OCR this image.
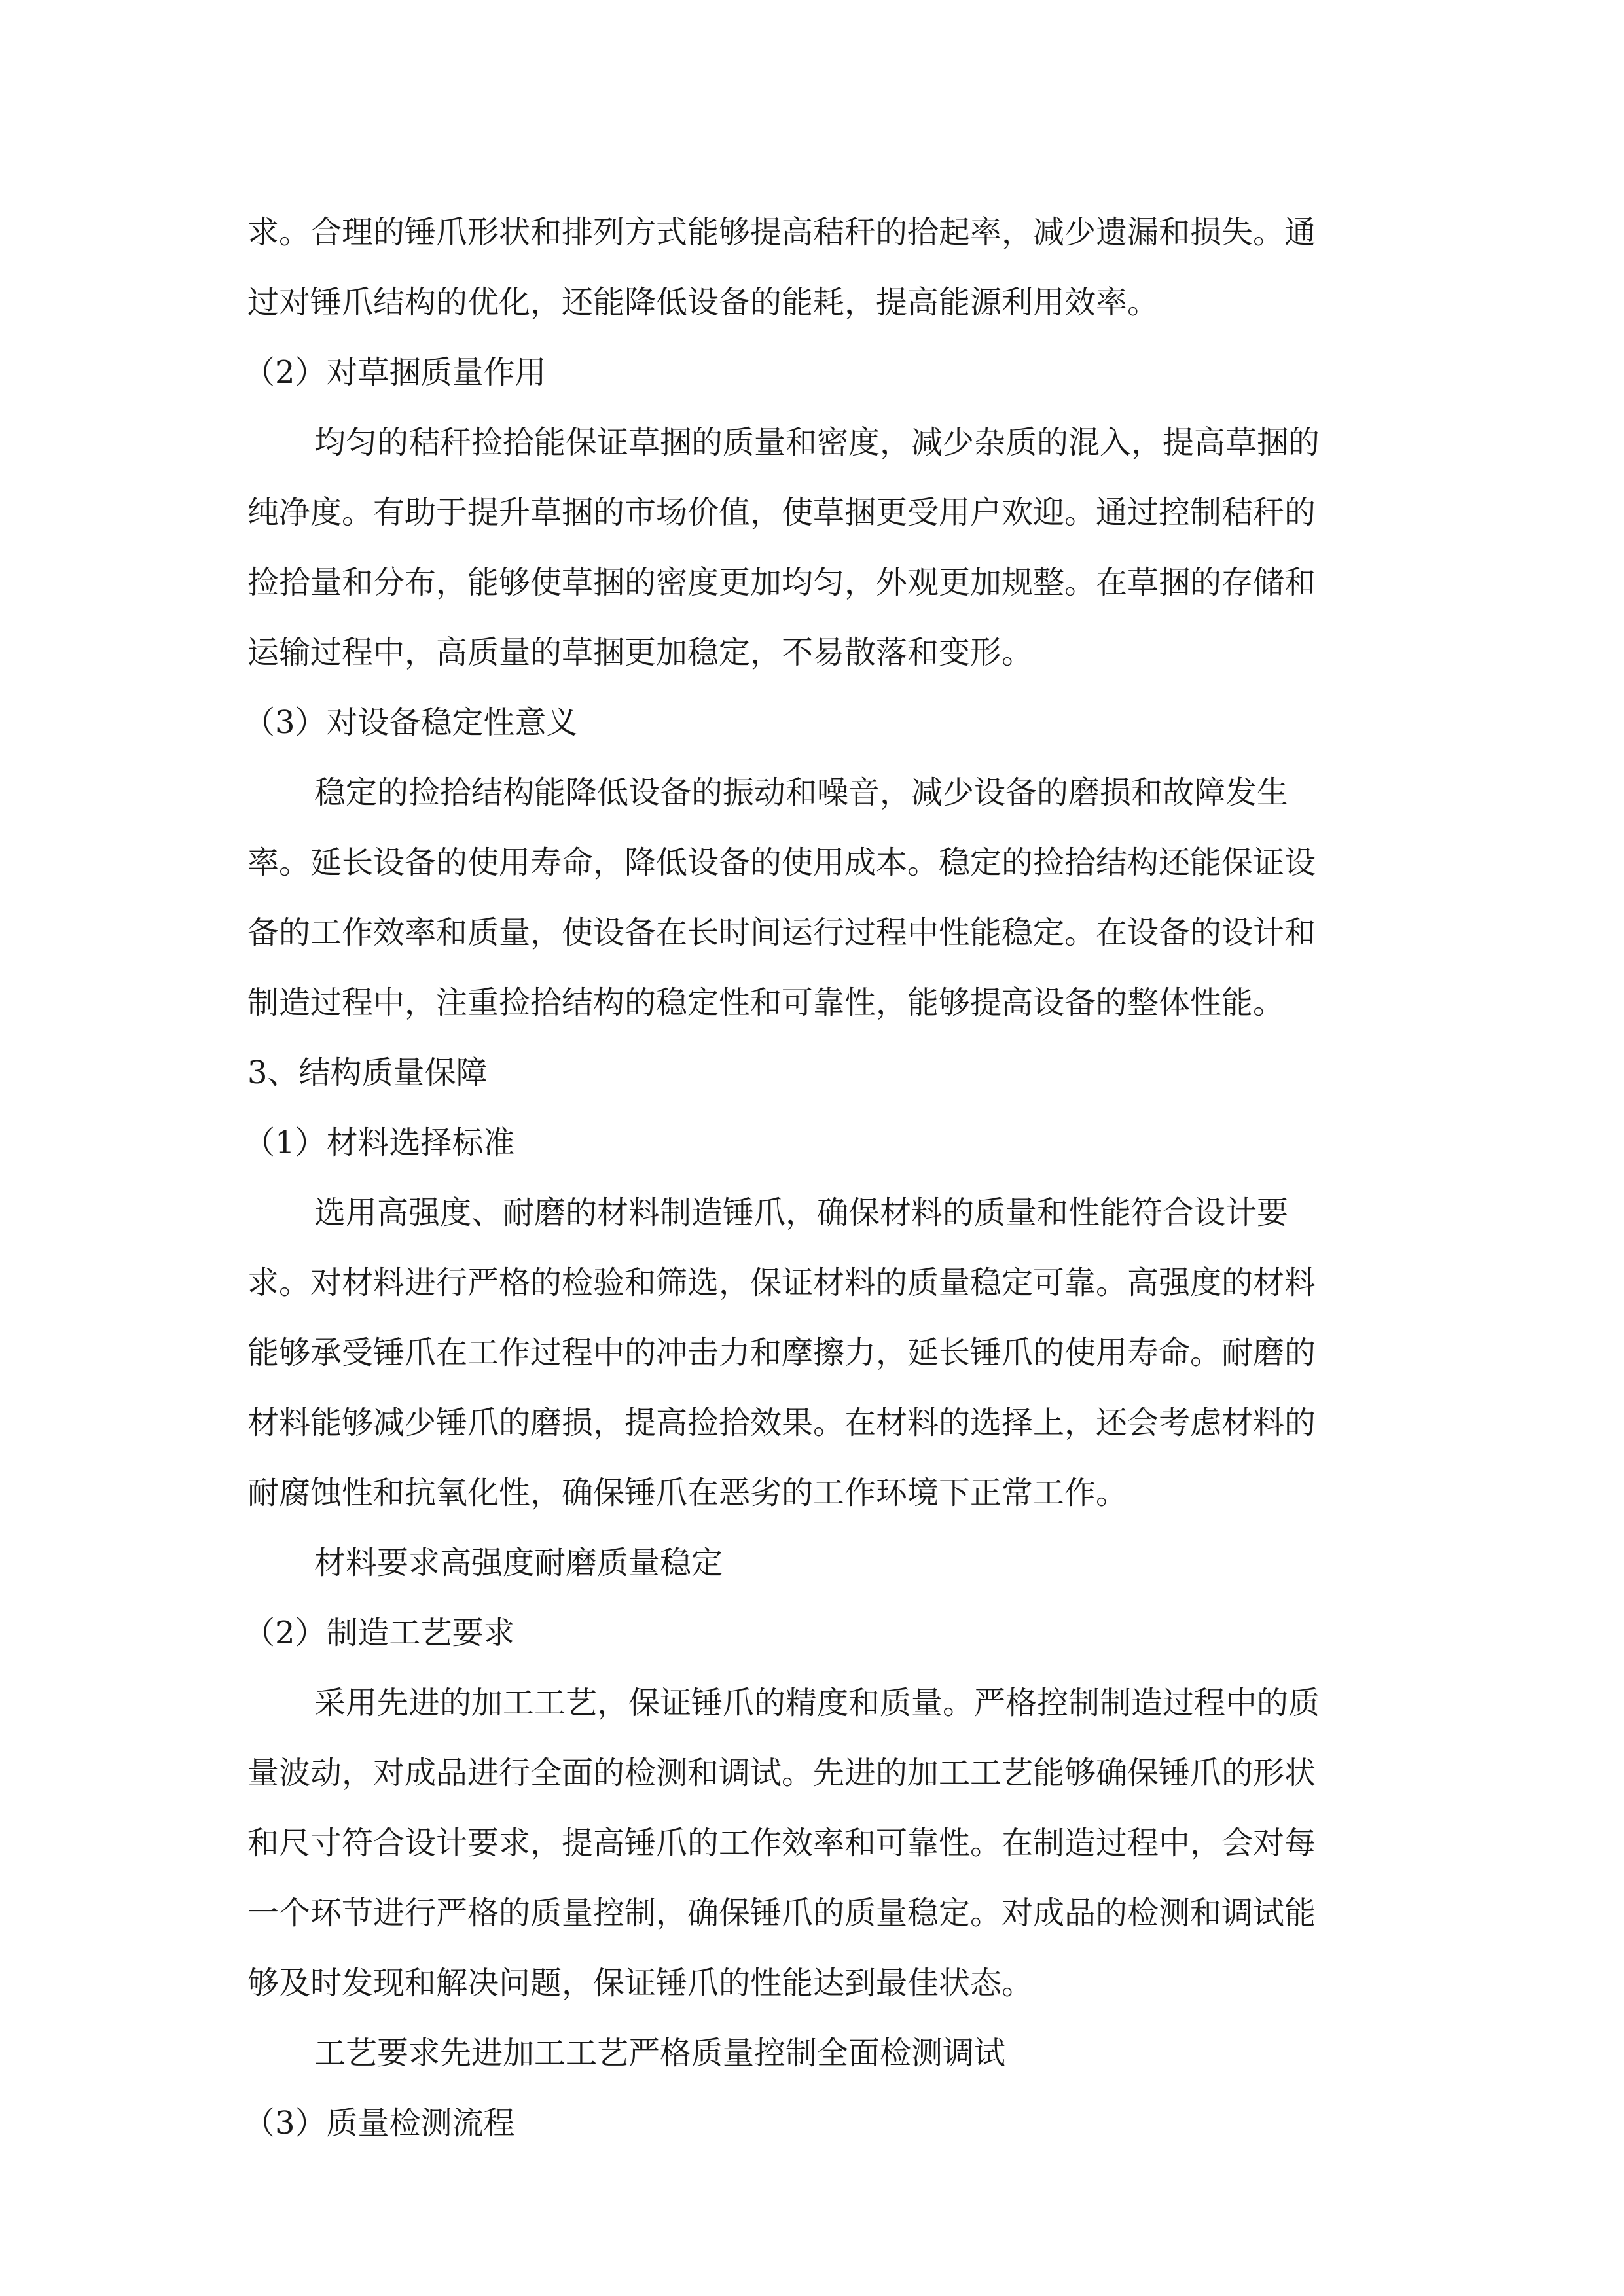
求。合理的锤爪形状和排列方式能够提高秸秆的拾起率，减少遗漏和损失。通
过对锤爪结构的优化，还能降低设备的能耗，提高能源利用效率。
（2）对草捆质量作用
均匀的秸秆捡拾能保证草捆的质量和密度，减少杂质的混入，提高草捆的
纯净度。有助于提升草捆的市场价值，使草捆更受用户欢迎。通过控制秸秆的
捡拾量和分布，能够使草捆的密度更加均匀，外观更加规整。在草捆的存储和
运输过程中，高质量的草捆更加稳定，不易散落和变形。
（3）对设备稳定性意义
稳定的捡拾结构能降低设备的振动和噪音，减少设备的磨损和故障发生
率。延长设备的使用寿命，降低设备的使用成本。稳定的捡拾结构还能保证设
备的工作效率和质量，使设备在长时间运行过程中性能稳定。在设备的设计和
制造过程中，注重捡拾结构的稳定性和可靠性，能够提高设备的整体性能。
3、结构质量保障
（1）材料选择标准
选用高强度、耐磨的材料制造锤爪，确保材料的质量和性能符合设计要
求。对材料进行严格的检验和筛选，保证材料的质量稳定可靠。高强度的材料
能够承受锤爪在工作过程中的冲击力和摩擦力，延长锤爪的使用寿命。耐磨的
材料能够减少锤爪的磨损，提高捡拾效果。在材料的选择上，还会考虑材料的
耐腐蚀性和抗氧化性，确保锤爪在恶劣的工作环境下正常工作。
材料要求高强度耐磨质量稳定
（2）制造工艺要求
采用先进的加工工艺，保证锤爪的精度和质量。严格控制制造过程中的质
量波动，对成品进行全面的检测和调试。先进的加工工艺能够确保锤爪的形状
和尺寸符合设计要求，提高锤爪的工作效率和可靠性。在制造过程中，会对每
一个环节进行严格的质量控制，确保锤爪的质量稳定。对成品的检测和调试能
够及时发现和解决问题，保证锤爪的性能达到最佳状态。
工艺要求先进加工工艺严格质量控制全面检测调试
（3）质量检测流程
